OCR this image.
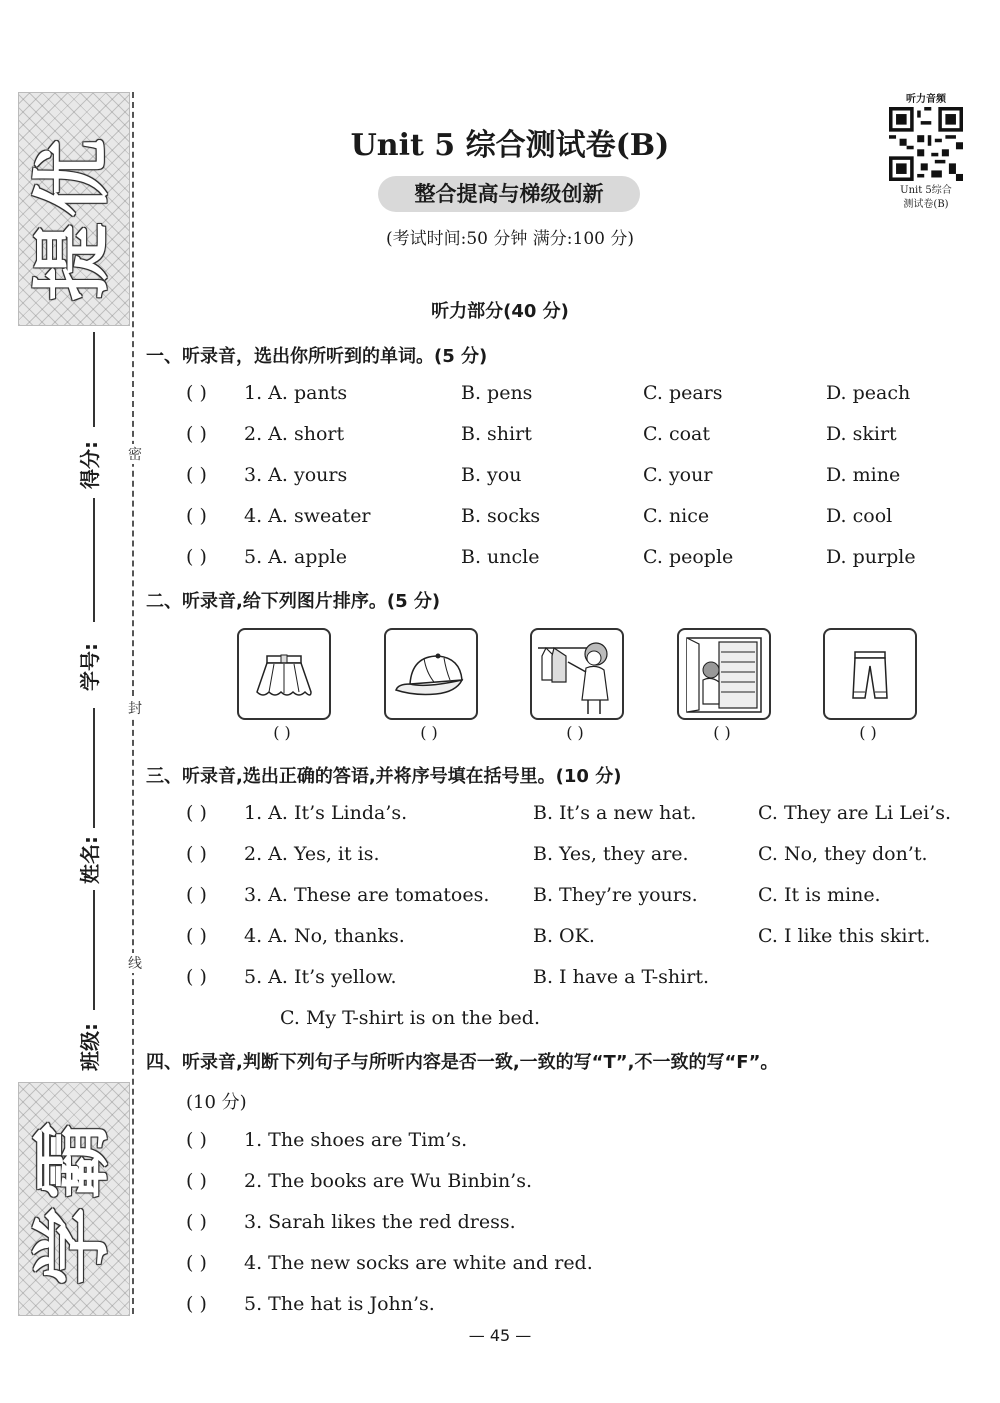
优
提
霸
学
得分:
学号:
姓名:
班级:
密
封
线
Unit 5 综合测试卷(B)
整合提高与梯级创新
(考试时间:50 分钟 满分:100 分)
听力音频
Unit 5综合
测试卷(B)
听力部分(40 分)
一、听录音，选出你所听到的单词。(5 分)
( ) 1. A. pants	B. pens	C. pears	D. peach
( ) 2. A. short	B. shirt	C. coat	D. skirt
( ) 3. A. yours	B. you	C. your	D. mine
( ) 4. A. sweater	B. socks	C. nice	D. cool
( ) 5. A. apple	B. uncle	C. people	D. purple
二、听录音,给下列图片排序。(5 分)
( )	( )	( )	( )	( )
三、听录音,选出正确的答语,并将序号填在括号里。(10 分)
( ) 1. A. It’s Linda’s.	B. It’s a new hat.	C. They are Li Lei’s.
( ) 2. A. Yes, it is.	B. Yes, they are.	C. No, they don’t.
( ) 3. A. These are tomatoes. B. They’re yours.	C. It is mine.
( ) 4. A. No, thanks.	B. OK.	C. I like this skirt.
( ) 5. A. It’s yellow.	B. I have a T-shirt.
C. My T-shirt is on the bed.
四、听录音,判断下列句子与所听内容是否一致,一致的写“T”,不一致的写“F”。
(10 分)
( ) 1. The shoes are Tim’s.
( ) 2. The books are Wu Binbin’s.
( ) 3. Sarah likes the red dress.
( ) 4. The new socks are white and red.
( ) 5. The hat is John’s.
— 45 —
